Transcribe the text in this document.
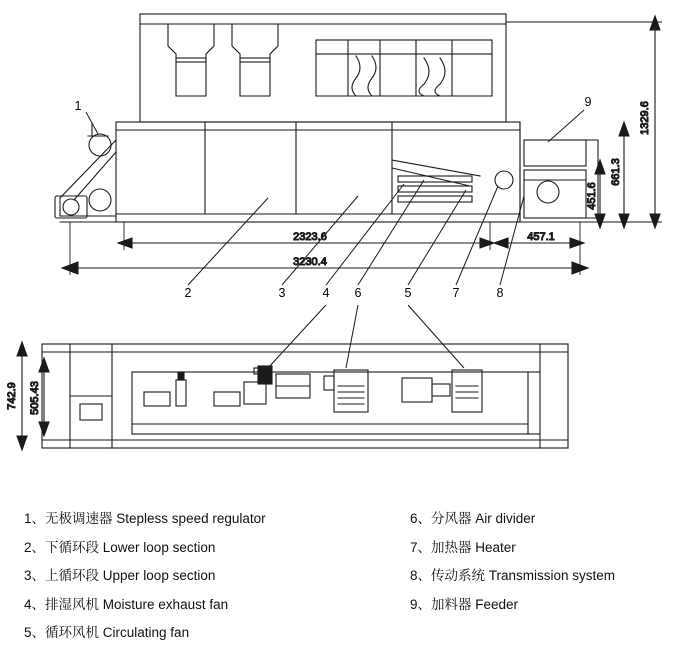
2323.6	457.1
3230.4
1329.6
661.3
451.6
1
2	3	4 6	5	7	8
9
742.9 505.43
1、无极调速器 Stepless speed regulator
2、下循环段 Lower loop section
3、上循环段 Upper loop section
4、排湿风机 Moisture exhaust fan
5、循环风机 Circulating fan
6、分风器 Air divider
7、加热器 Heater
8、传动系统 Transmission system
9、加料器 Feeder
